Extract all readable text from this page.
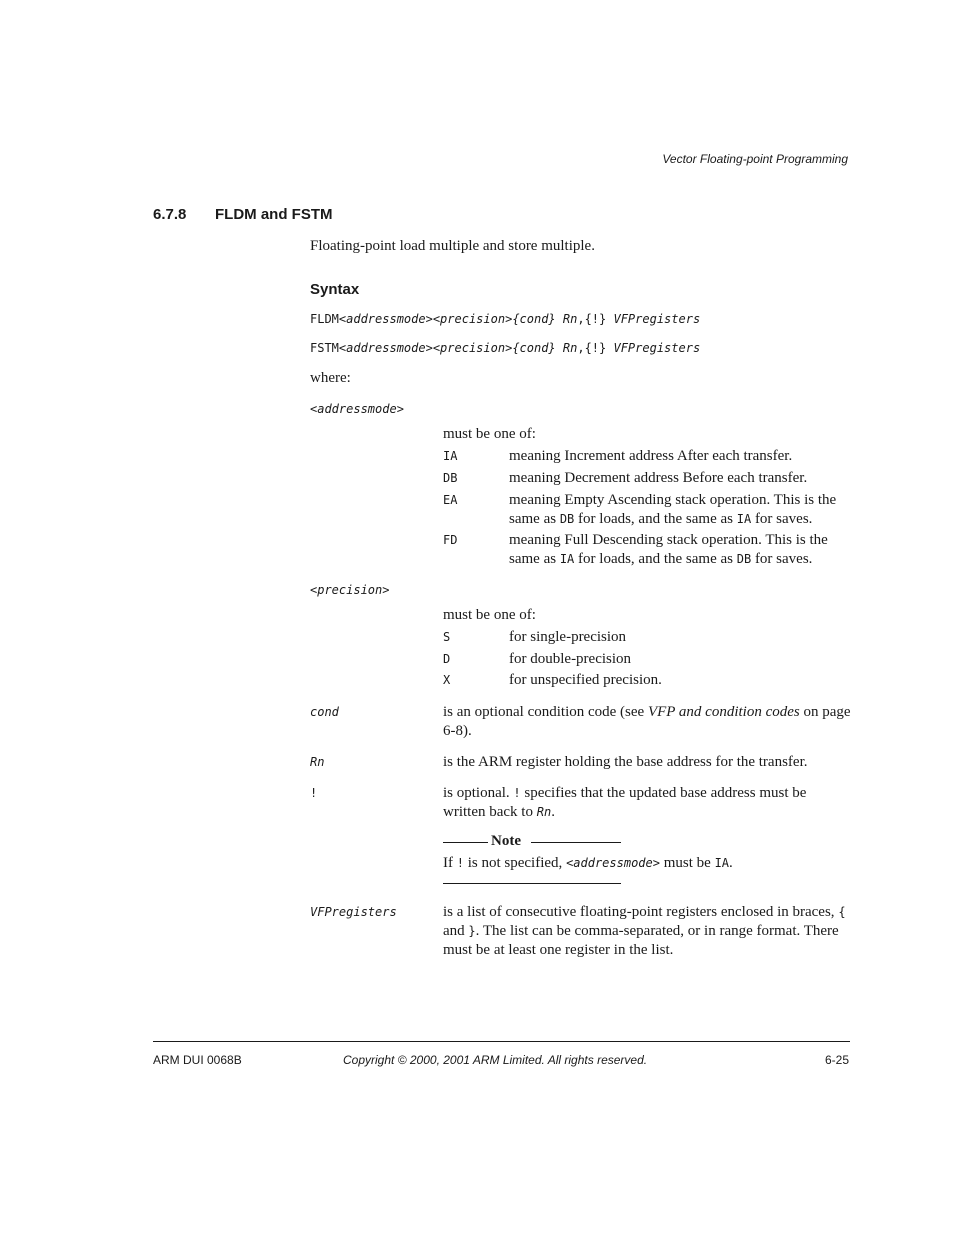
Vector Floating-point Programming
6.7.8 FLDM and FSTM
Floating-point load multiple and store multiple.
Syntax
FLDM<addressmode><precision>{cond} Rn,{!} VFPregisters
FSTM<addressmode><precision>{cond} Rn,{!} VFPregisters
where:
<addressmode>
must be one of:
IA	meaning Increment address After each transfer.
DB	meaning Decrement address Before each transfer.
EA	meaning Empty Ascending stack operation. This is the same as DB for loads, and the same as IA for saves.
FD	meaning Full Descending stack operation. This is the same as IA for loads, and the same as DB for saves.
<precision>
must be one of:
S	for single-precision
D	for double-precision
X	for unspecified precision.
cond	is an optional condition code (see VFP and condition codes on page 6-8).
Rn	is the ARM register holding the base address for the transfer.
!	is optional. ! specifies that the updated base address must be written back to Rn.
Note
If ! is not specified, <addressmode> must be IA.
VFPregisters	is a list of consecutive floating-point registers enclosed in braces, { and }. The list can be comma-separated, or in range format. There must be at least one register in the list.
ARM DUI 0068B	Copyright © 2000, 2001 ARM Limited. All rights reserved.	6-25
